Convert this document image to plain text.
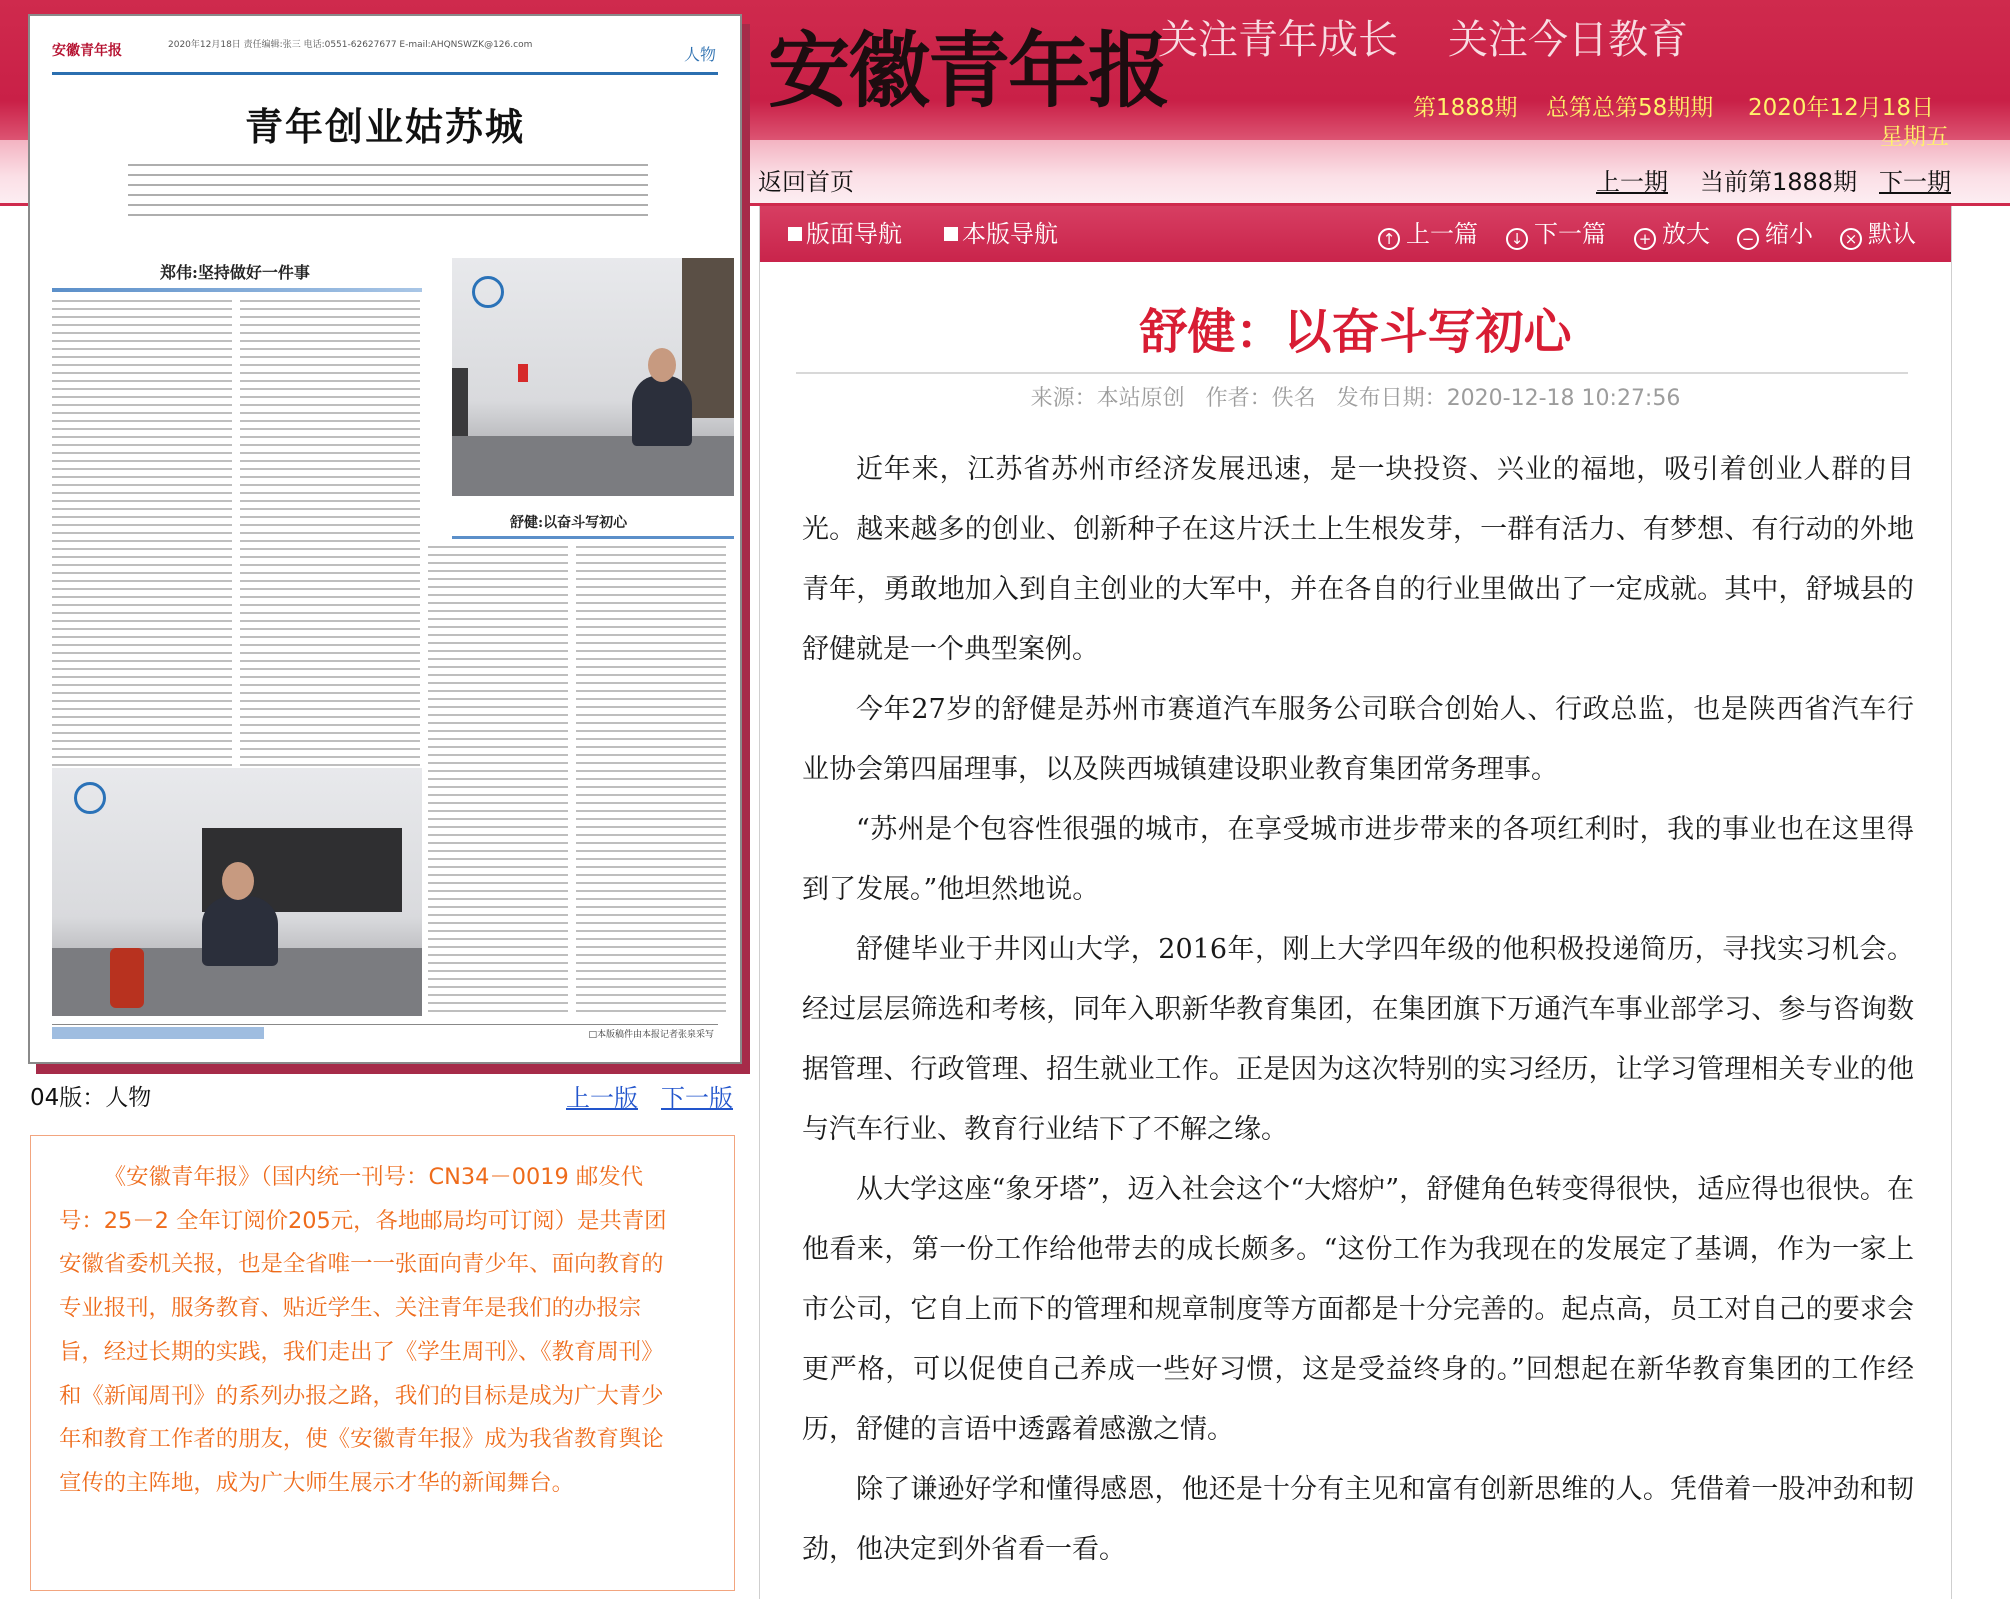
安徽青年报
关注青年成长 关注今日教育
第1888期 总第总第58期期 2020年12月18日
星期五
返回首页	上一期 当前第1888期 下一期
安徽青年报	2020年12月18日 责任编辑:张三 电话:0551-62627677 E-mail:AHQNSWZK@126.com	人物
青年创业姑苏城
郑伟:坚持做好一件事
舒健:以奋斗写初心
□本版稿件由本报记者张泉采写
04版：人物	上一版 下一版

《安徽青年报》（国内统一刊号：CN34－0019 邮发代号：25－2 全年订阅价205元，各地邮局均可订阅）是共青团安徽省委机关报，也是全省唯一一张面向青少年、面向教育的专业报刊，服务教育、贴近学生、关注青年是我们的办报宗旨，经过长期的实践，我们走出了《学生周刊》、《教育周刊》和《新闻周刊》的系列办报之路，我们的目标是成为广大青少年和教育工作者的朋友，使《安徽青年报》成为我省教育舆论宣传的主阵地，成为广大师生展示才华的新闻舞台。

版面导航	本版导航	↑ 上一篇	↓ 下一篇	+ 放大	− 缩小	× 默认
舒健：以奋斗写初心
来源：本站原创 作者：佚名 发布日期：2020-12-18 10:27:56

近年来，江苏省苏州市经济发展迅速，是一块投资、兴业的福地，吸引着创业人群的目光。越来越多的创业、创新种子在这片沃土上生根发芽，一群有活力、有梦想、有行动的外地青年，勇敢地加入到自主创业的大军中，并在各自的行业里做出了一定成就。其中，舒城县的舒健就是一个典型案例。

今年27岁的舒健是苏州市赛道汽车服务公司联合创始人、行政总监，也是陕西省汽车行业协会第四届理事，以及陕西城镇建设职业教育集团常务理事。

“苏州是个包容性很强的城市，在享受城市进步带来的各项红利时，我的事业也在这里得到了发展。”他坦然地说。

舒健毕业于井冈山大学，2016年，刚上大学四年级的他积极投递简历，寻找实习机会。经过层层筛选和考核，同年入职新华教育集团，在集团旗下万通汽车事业部学习、参与咨询数据管理、行政管理、招生就业工作。正是因为这次特别的实习经历，让学习管理相关专业的他与汽车行业、教育行业结下了不解之缘。

从大学这座“象牙塔”，迈入社会这个“大熔炉”，舒健角色转变得很快，适应得也很快。在他看来，第一份工作给他带去的成长颇多。“这份工作为我现在的发展定了基调，作为一家上市公司，它自上而下的管理和规章制度等方面都是十分完善的。起点高，员工对自己的要求会更严格，可以促使自己养成一些好习惯，这是受益终身的。”回想起在新华教育集团的工作经历，舒健的言语中透露着感激之情。

除了谦逊好学和懂得感恩，他还是十分有主见和富有创新思维的人。凭借着一股冲劲和韧劲，他决定到外省看一看。
